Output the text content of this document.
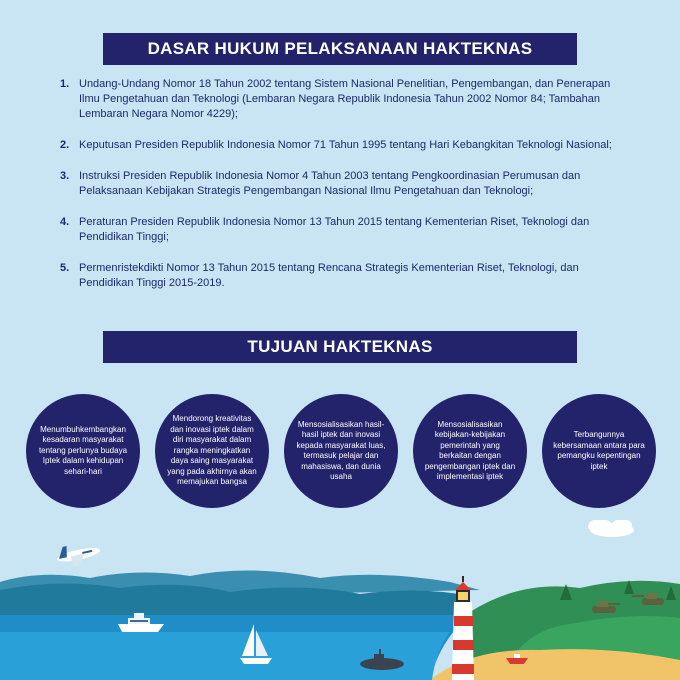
DASAR HUKUM PELAKSANAAN HAKTEKNAS
1. Undang-Undang Nomor 18 Tahun 2002 tentang Sistem Nasional Penelitian, Pengembangan, dan Penerapan Ilmu Pengetahuan dan Teknologi (Lembaran Negara Republik Indonesia Tahun 2002 Nomor 84; Tambahan Lembaran Negara Nomor 4229);
2. Keputusan Presiden Republik Indonesia Nomor 71 Tahun 1995 tentang Hari Kebangkitan Teknologi Nasional;
3. Instruksi Presiden Republik Indonesia Nomor 4 Tahun 2003 tentang Pengkoordinasian Perumusan dan Pelaksanaan Kebijakan Strategis Pengembangan Nasional Ilmu Pengetahuan dan Teknologi;
4. Peraturan Presiden Republik Indonesia Nomor 13 Tahun 2015 tentang Kementerian Riset, Teknologi dan Pendidikan Tinggi;
5. Permenristekdikti Nomor 13 Tahun 2015 tentang Rencana Strategis Kementerian Riset, Teknologi, dan Pendidikan Tinggi 2015-2019.
TUJUAN HAKTEKNAS
Menumbuhkembangkan kesadaran masyarakat tentang perlunya budaya Iptek dalam kehidupan sehari-hari
Mendorong kreativitas dan inovasi iptek dalam diri masyarakat dalam rangka meningkatkan daya saing masyarakat yang pada akhirnya akan memajukan bangsa
Mensosialisasikan hasil-hasil iptek dan inovasi kepada masyarakat luas, termasuk pelajar dan mahasiswa, dan dunia usaha
Mensosialisasikan kebijakan-kebijakan pemerintah yang berkaitan dengan pengembangan iptek dan implementasi iptek
Terbangunnya kebersamaan antara para pemangku kepentingan iptek
